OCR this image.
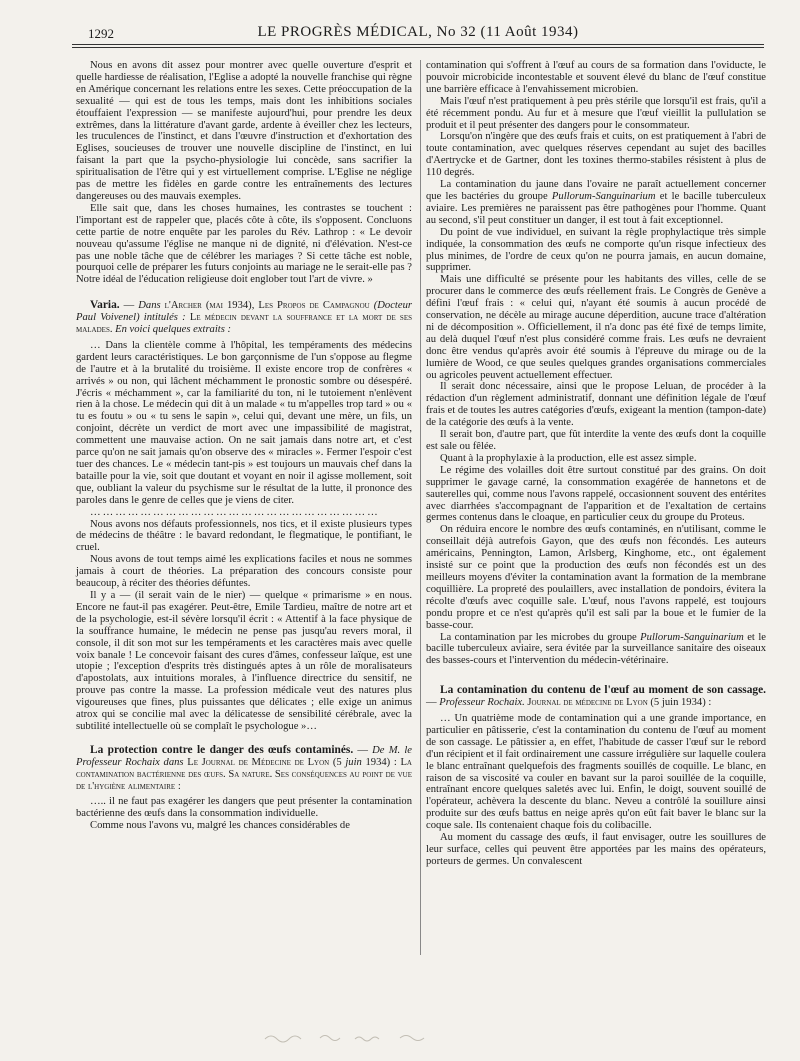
1292	LE PROGRÈS MÉDICAL, No 32 (11 Août 1934)

Nous en avons dit assez pour montrer avec quelle ouverture d'esprit et quelle hardiesse de réalisation, l'Eglise a adopté la nouvelle franchise qui règne en Amérique concernant les relations entre les sexes. Cette préoccupation de la sexualité — qui est de tous les temps, mais dont les inhibitions sociales étouffaient l'expression — se manifeste aujourd'hui, pour prendre les deux extrêmes, dans la littérature d'avant garde, ardente à éveiller chez les lecteurs, les truculences de l'instinct, et dans l'œuvre d'instruction et d'exhortation des Eglises, soucieuses de trouver une nouvelle discipline de l'instinct, en lui faisant la part que la psycho-physiologie lui concède, sans sacrifier la spiritualisation de l'être qui y est virtuellement comprise. L'Eglise ne néglige pas de mettre les fidèles en garde contre les entraînements des lectures dangereuses ou des mauvais exemples.

Elle sait que, dans les choses humaines, les contrastes se touchent : l'important est de rappeler que, placés côte à côte, ils s'opposent. Concluons cette partie de notre enquête par les paroles du Rév. Lathrop : « Le devoir nouveau qu'assume l'église ne manque ni de dignité, ni d'élévation. N'est-ce pas une noble tâche que de célébrer les mariages ? Si cette tâche est noble, pourquoi celle de préparer les futurs conjoints au mariage ne le serait-elle pas ? Notre idéal de l'éducation religieuse doit englober tout l'art de vivre. »

Varia. — Dans l'Archer (mai 1934), Les Propos de Campagnou (Docteur Paul Voivenel) intitulés : Le médecin devant la souffrance et la mort de ses malades. En voici quelques extraits :

… Dans la clientèle comme à l'hôpital, les tempéraments des médecins gardent leurs caractéristiques. Le bon garçonnisme de l'un s'oppose au flegme de l'autre et à la brutalité du troisième. Il existe encore trop de confrères « arrivés » ou non, qui lâchent méchamment le pronostic sombre ou désespéré. J'écris « méchamment », car la familiarité du ton, ni le tutoiement n'enlèvent rien à la chose. Le médecin qui dit à un malade « tu m'appelles trop tard » ou « tu es foutu » ou « tu sens le sapin », celui qui, devant une mère, un fils, un conjoint, décrète un verdict de mort avec une impassibilité de magistrat, commettent une mauvaise action. On ne sait jamais dans notre art, et c'est parce qu'on ne sait jamais qu'on observe des « miracles ». Fermer l'espoir c'est tuer des chances. Le « médecin tant-pis » est toujours un mauvais chef dans la bataille pour la vie, soit que doutant et voyant en noir il agisse mollement, soit que, oubliant la valeur du psychisme sur le résultat de la lutte, il prononce des paroles dans le genre de celles que je viens de citer.

……………………………………………………………

Nous avons nos défauts professionnels, nos tics, et il existe plusieurs types de médecins de théâtre : le bavard redondant, le flegmatique, le pontifiant, le cruel.

Nous avons de tout temps aimé les explications faciles et nous ne sommes jamais à court de théories. La préparation des concours consiste pour beaucoup, à réciter des théories défuntes.

Il y a — (il serait vain de le nier) — quelque « primarisme » en nous. Encore ne faut-il pas exagérer. Peut-être, Emile Tardieu, maître de notre art et de la psychologie, est-il sévère lorsqu'il écrit : « Attentif à la face physique de la souffrance humaine, le médecin ne pense pas jusqu'au revers moral, il console, il dit son mot sur les tempéraments et les caractères mais avec quelle voix banale ! Le concevoir faisant des cures d'âmes, confesseur laïque, est une utopie ; l'exception d'esprits très distingués aptes à un rôle de moralisateurs d'apostolats, aux intuitions morales, à l'influence directrice du sensitif, ne prouve pas contre la masse. La profession médicale veut des natures plus vigoureuses que fines, plus puissantes que délicates ; elle exige un animus atrox qui se concilie mal avec la délicatesse de sensibilité cérébrale, avec la subtilité intellectuelle où se complaît le psychologue »…

La protection contre le danger des œufs contaminés. — De M. le Professeur Rochaix dans Le Journal de Médecine de Lyon (5 juin 1934) : La contamination bactérienne des œufs. Sa nature. Ses conséquences au point de vue de l'hygiène alimentaire :

….. il ne faut pas exagérer les dangers que peut présenter la contamination bactérienne des œufs dans la consommation individuelle.

Comme nous l'avons vu, malgré les chances considérables de

contamination qui s'offrent à l'œuf au cours de sa formation dans l'oviducte, le pouvoir microbicide incontestable et souvent élevé du blanc de l'œuf constitue une barrière efficace à l'envahissement microbien.

Mais l'œuf n'est pratiquement à peu près stérile que lorsqu'il est frais, qu'il a été récemment pondu. Au fur et à mesure que l'œuf vieillit la pullulation se produit et il peut présenter des dangers pour le consommateur.

Lorsqu'on n'ingère que des œufs frais et cuits, on est pratiquement à l'abri de toute contamination, avec quelques réserves cependant au sujet des bacilles d'Aertrycke et de Gartner, dont les toxines thermo-stabiles résistent à plus de 110 degrés.

La contamination du jaune dans l'ovaire ne paraît actuellement concerner que les bactéries du groupe Pullorum-Sanguinarium et le bacille tuberculeux aviaire. Les premières ne paraissent pas être pathogènes pour l'homme. Quant au second, s'il peut constituer un danger, il est tout à fait exceptionnel.

Du point de vue individuel, en suivant la règle prophylactique très simple indiquée, la consommation des œufs ne comporte qu'un risque infectieux des plus minimes, de l'ordre de ceux qu'on ne pourra jamais, en aucun domaine, supprimer.

Mais une difficulté se présente pour les habitants des villes, celle de se procurer dans le commerce des œufs réellement frais. Le Congrès de Genève a défini l'œuf frais : « celui qui, n'ayant été soumis à aucun procédé de conservation, ne décèle au mirage aucune déperdition, aucune trace d'altération ni de décomposition ». Officiellement, il n'a donc pas été fixé de temps limite, au delà duquel l'œuf n'est plus considéré comme frais. Les œufs ne devraient donc être vendus qu'après avoir été soumis à l'épreuve du mirage ou de la lumière de Wood, ce que seules quelques grandes organisations commerciales ou agricoles peuvent actuellement effectuer.

Il serait donc nécessaire, ainsi que le propose Leluan, de procéder à la rédaction d'un règlement administratif, donnant une définition légale de l'œuf frais et de toutes les autres catégories d'œufs, exigeant la mention (tampon-date) de la catégorie des œufs à la vente.

Il serait bon, d'autre part, que fût interdite la vente des œufs dont la coquille est sale ou fêlée.

Quant à la prophylaxie à la production, elle est assez simple.

Le régime des volailles doit être surtout constitué par des grains. On doit supprimer le gavage carné, la consommation exagérée de hannetons et de sauterelles qui, comme nous l'avons rappelé, occasionnent souvent des entérites avec diarrhées s'accompagnant de l'apparition et de l'exaltation de certains germes contenus dans le cloaque, en particulier ceux du groupe du Proteus.

On réduira encore le nombre des œufs contaminés, en n'utilisant, comme le conseillait déjà autrefois Gayon, que des œufs non fécondés. Les auteurs américains, Pennington, Lamon, Arlsberg, Kinghome, etc., ont également insisté sur ce point que la production des œufs non fécondés est un des meilleurs moyens d'éviter la contamination avant la formation de la membrane coquillière. La propreté des poulaillers, avec installation de pondoirs, évitera la récolte d'œufs avec coquille sale. L'œuf, nous l'avons rappelé, est toujours pondu propre et ce n'est qu'après qu'il est sali par la boue et le fumier de la basse-cour.

La contamination par les microbes du groupe Pullorum-Sanguinarium et le bacille tuberculeux aviaire, sera évitée par la surveillance sanitaire des oiseaux des basses-cours et l'intervention du médecin-vétérinaire.

La contamination du contenu de l'œuf au moment de son cassage. — Professeur Rochaix. Journal de médecine de Lyon (5 juin 1934) :

… Un quatrième mode de contamination qui a une grande importance, en particulier en pâtisserie, c'est la contamination du contenu de l'œuf au moment de son cassage. Le pâtissier a, en effet, l'habitude de casser l'œuf sur le rebord d'un récipient et il fait ordinairement une cassure irrégulière sur laquelle coulera le blanc entraînant quelquefois des fragments souillés de coquille. Le blanc, en raison de sa viscosité va couler en bavant sur la paroi souillée de la coquille, entraînant encore quelques saletés avec lui. Enfin, le doigt, souvent souillé de l'opérateur, achèvera la descente du blanc. Neveu a contrôlé la souillure ainsi produite sur des œufs battus en neige après qu'on eût fait baver le blanc sur la coque sale. Ils contenaient chaque fois du colibacille.

Au moment du cassage des œufs, il faut envisager, outre les souillures de leur surface, celles qui peuvent être apportées par les mains des opérateurs, porteurs de germes. Un convalescent
